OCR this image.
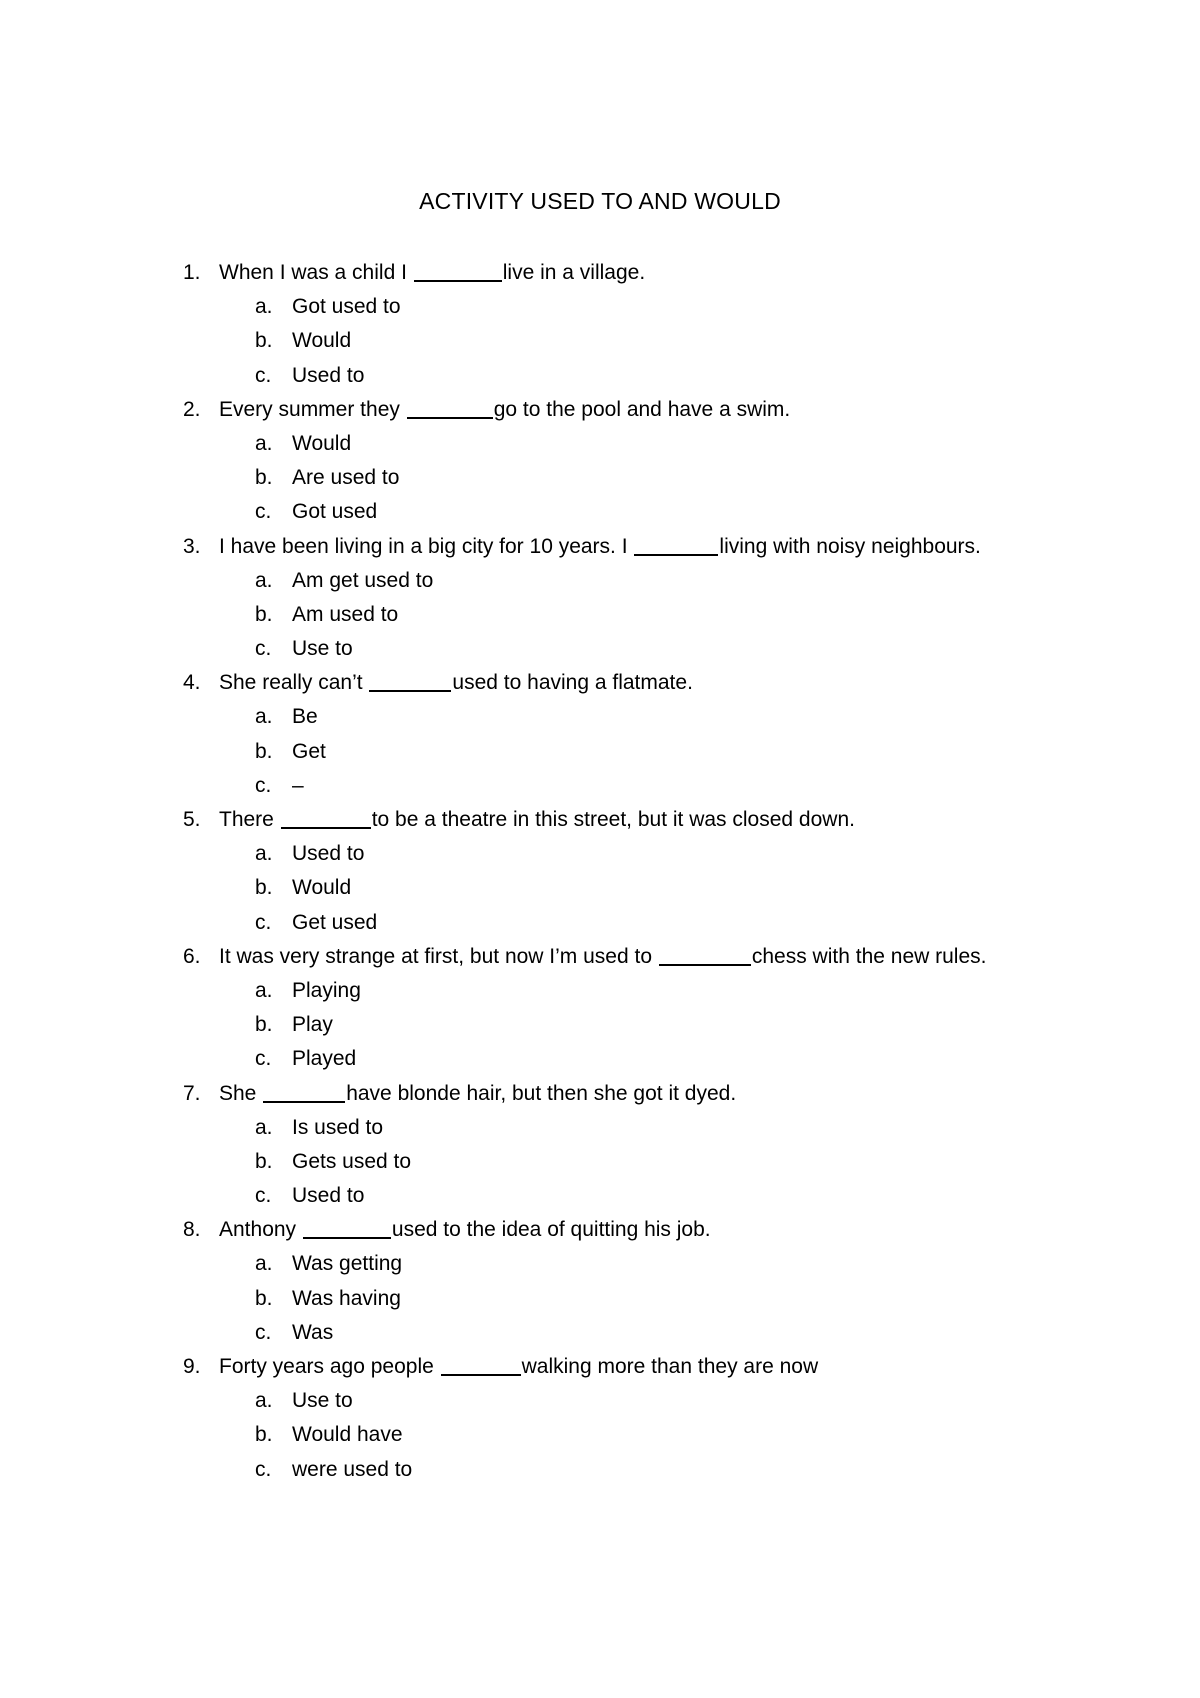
ACTIVITY USED TO AND WOULD
1. When I was a child I	live in a village.
a. Got used to
b. Would
c. Used to
2. Every summer they	go to the pool and have a swim.
a. Would
b. Are used to
c. Got used
3. I have been living in a big city for 10 years. I	living with noisy neighbours.
a. Am get used to
b. Am used to
c. Use to
4. She really can’t	used to having a flatmate.
a. Be
b. Get
c. –
5. There	to be a theatre in this street, but it was closed down.
a. Used to
b. Would
c. Get used
6. It was very strange at first, but now I’m used to	chess with the new rules.
a. Playing
b. Play
c. Played
7. She	have blonde hair, but then she got it dyed.
a. Is used to
b. Gets used to
c. Used to
8. Anthony	used to the idea of quitting his job.
a. Was getting
b. Was having
c. Was
9. Forty years ago people	walking more than they are now
a. Use to
b. Would have
c. were used to
